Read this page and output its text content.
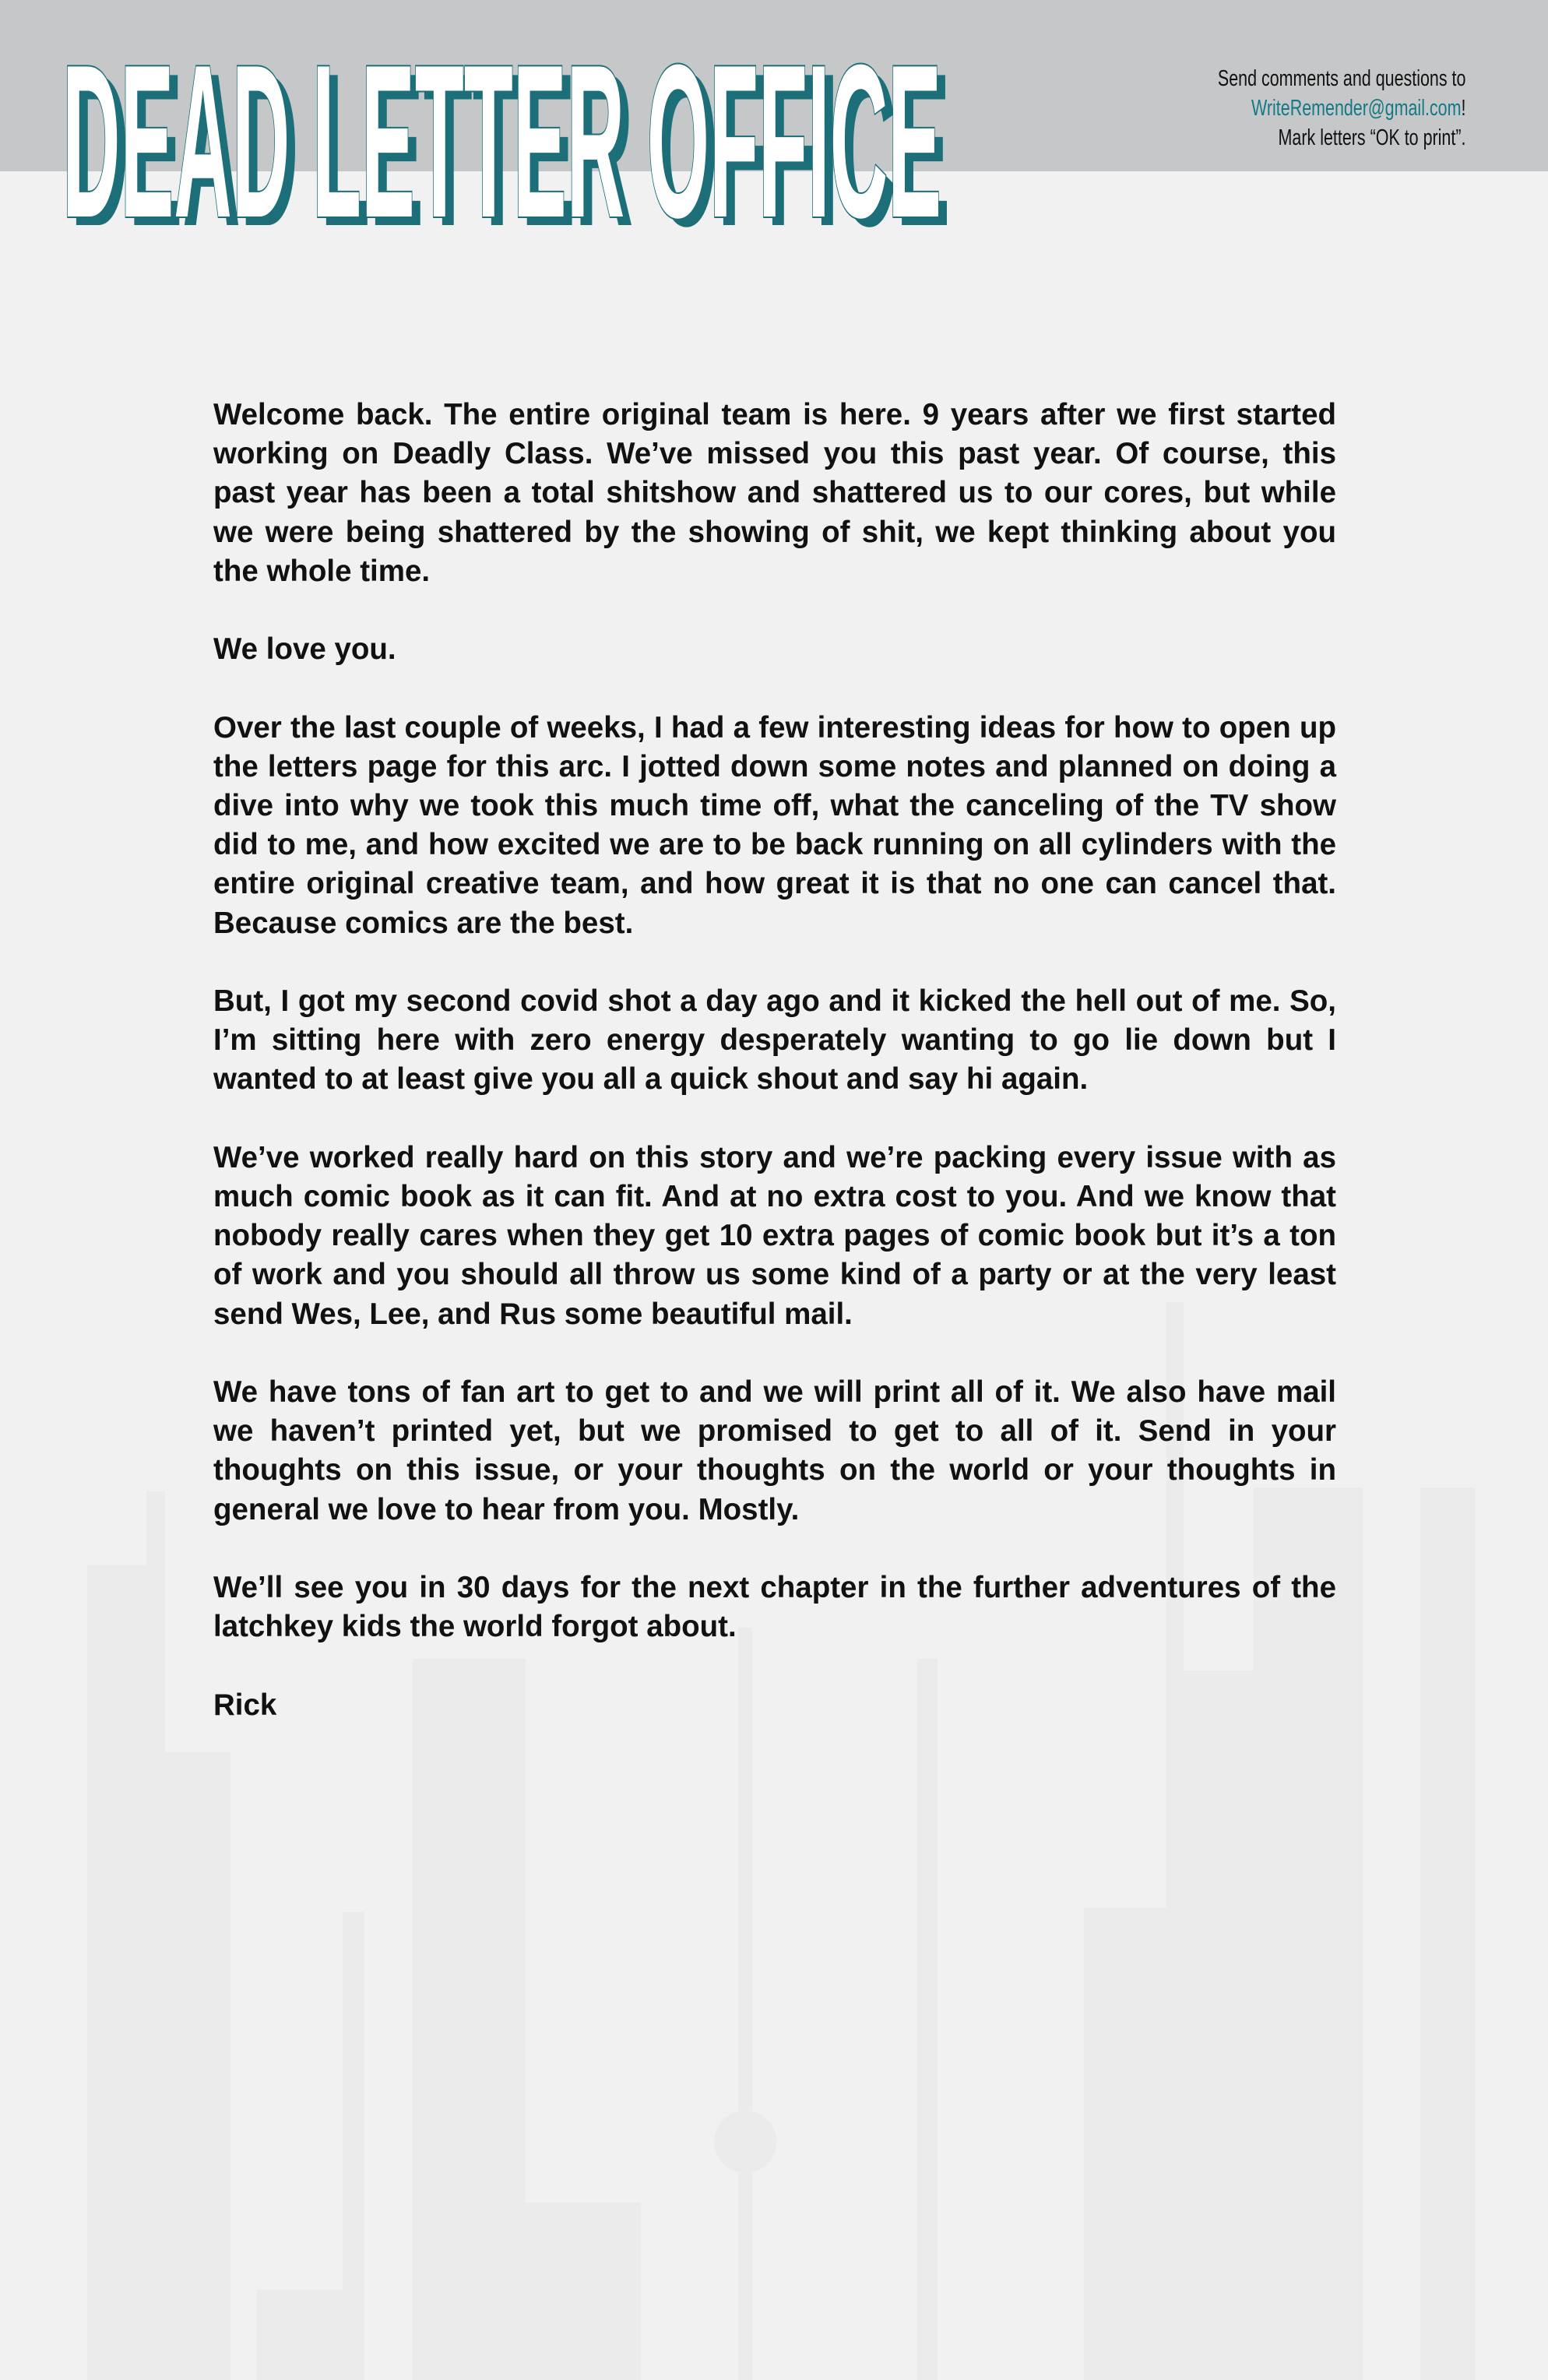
DEAD LETTER OFFICE
DEAD LETTER OFFICE	Send comments and questions to
WriteRemender@gmail.com!
Mark letters “OK to print”.

Welcome back. The entire original team is here. 9 years after we first started working on Deadly Class. We’ve missed you this past year. Of course, this past year has been a total shitshow and shattered us to our cores, but while we were being shattered by the showing of shit, we kept thinking about you the whole time.

We love you.

Over the last couple of weeks, I had a few interesting ideas for how to open up the letters page for this arc. I jotted down some notes and planned on doing a dive into why we took this much time off, what the canceling of the TV show did to me, and how excited we are to be back running on all cylinders with the entire original creative team, and how great it is that no one can cancel that. Because comics are the best.

But, I got my second covid shot a day ago and it kicked the hell out of me. So, I’m sitting here with zero energy desperately wanting to go lie down but I wanted to at least give you all a quick shout and say hi again.

We’ve worked really hard on this story and we’re packing every issue with as much comic book as it can fit. And at no extra cost to you. And we know that nobody really cares when they get 10 extra pages of comic book but it’s a ton of work and you should all throw us some kind of a party or at the very least send Wes, Lee, and Rus some beautiful mail.

We have tons of fan art to get to and we will print all of it. We also have mail we haven’t printed yet, but we promised to get to all of it. Send in your thoughts on this issue, or your thoughts on the world or your thoughts in general we love to hear from you. Mostly.

We’ll see you in 30 days for the next chapter in the further adventures of the latchkey kids the world forgot about.

Rick
